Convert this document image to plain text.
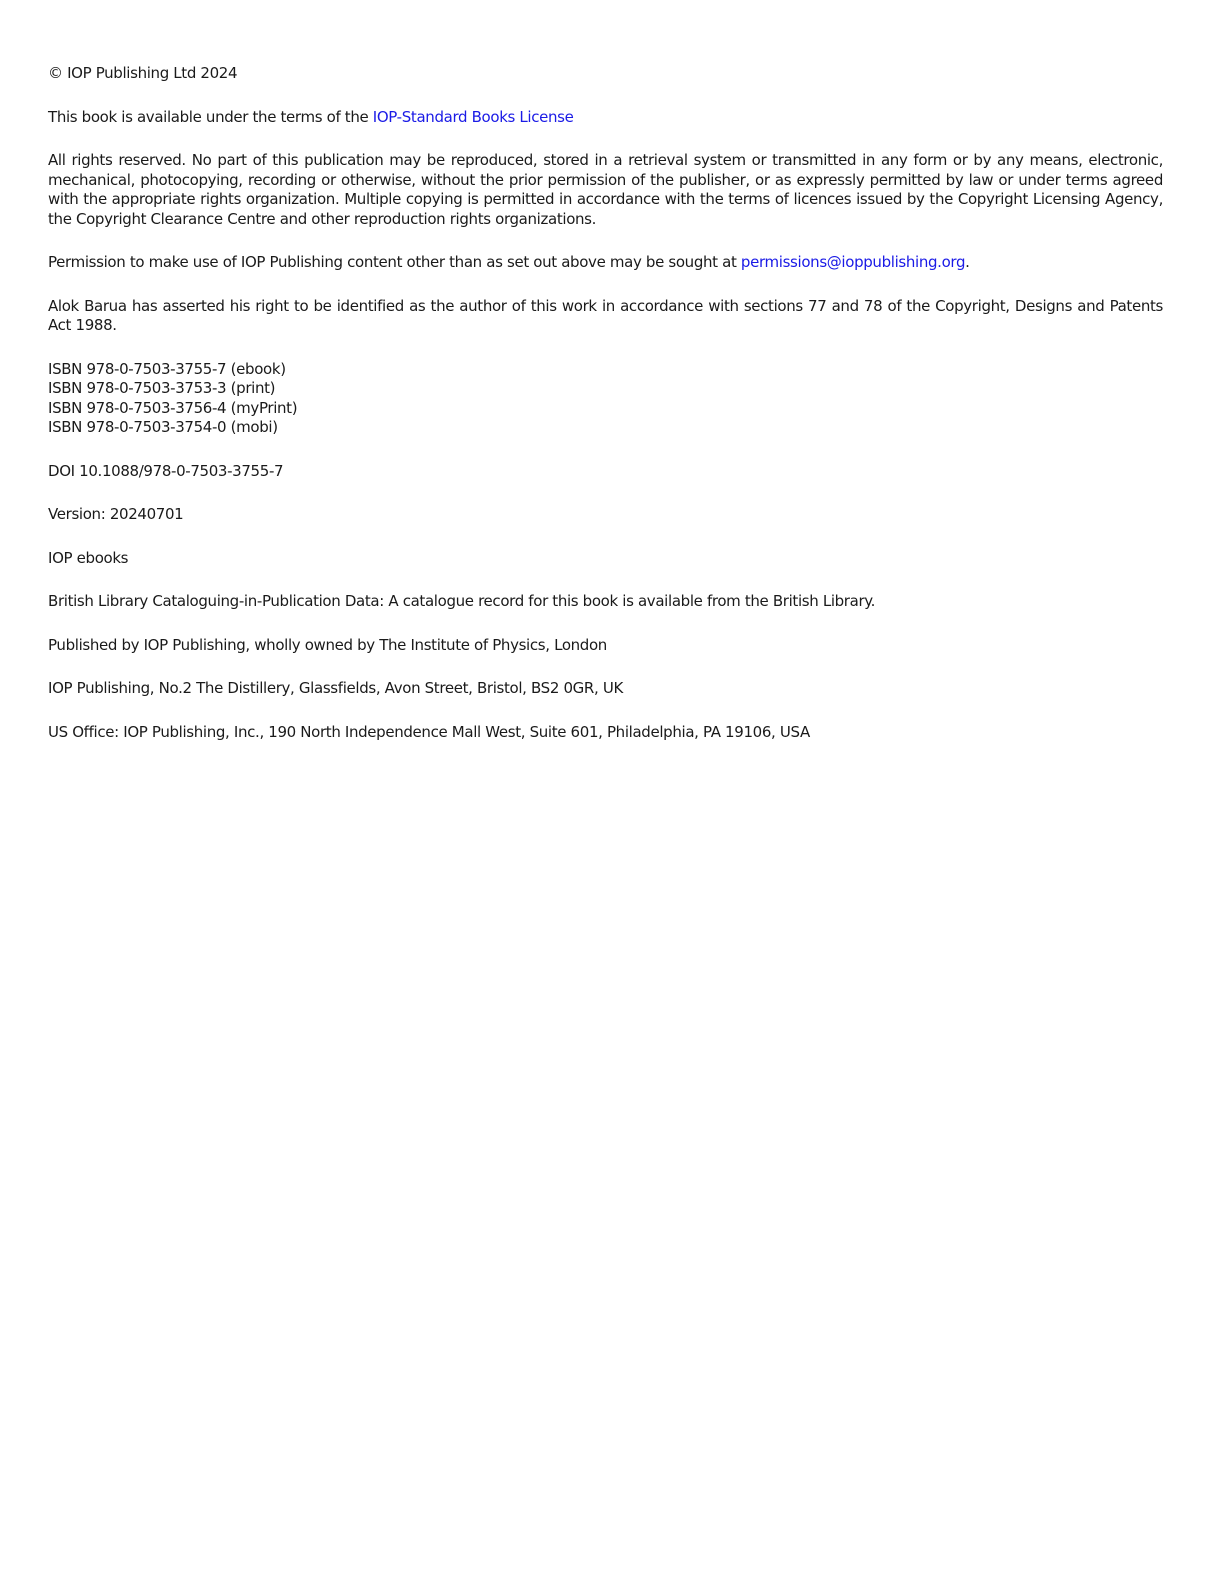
© IOP Publishing Ltd 2024

This book is available under the terms of the IOP-Standard Books License

All rights reserved. No part of this publication may be reproduced, stored in a retrieval system or transmitted in any form or by any means, electronic, mechanical, photocopying, recording or otherwise, without the prior permission of the publisher, or as expressly permitted by law or under terms agreed with the appropriate rights organization. Multiple copying is permitted in accordance with the terms of licences issued by the Copyright Licensing Agency, the Copyright Clearance Centre and other reproduction rights organizations.

Permission to make use of IOP Publishing content other than as set out above may be sought at permissions@ioppublishing.org.

Alok Barua has asserted his right to be identified as the author of this work in accordance with sections 77 and 78 of the Copyright, Designs and Patents Act 1988.

ISBN 978-0-7503-3755-7 (ebook)
ISBN 978-0-7503-3753-3 (print)
ISBN 978-0-7503-3756-4 (myPrint)
ISBN 978-0-7503-3754-0 (mobi)

DOI 10.1088/978-0-7503-3755-7

Version: 20240701

IOP ebooks

British Library Cataloguing-in-Publication Data: A catalogue record for this book is available from the British Library.

Published by IOP Publishing, wholly owned by The Institute of Physics, London

IOP Publishing, No.2 The Distillery, Glassfields, Avon Street, Bristol, BS2 0GR, UK

US Office: IOP Publishing, Inc., 190 North Independence Mall West, Suite 601, Philadelphia, PA 19106, USA
